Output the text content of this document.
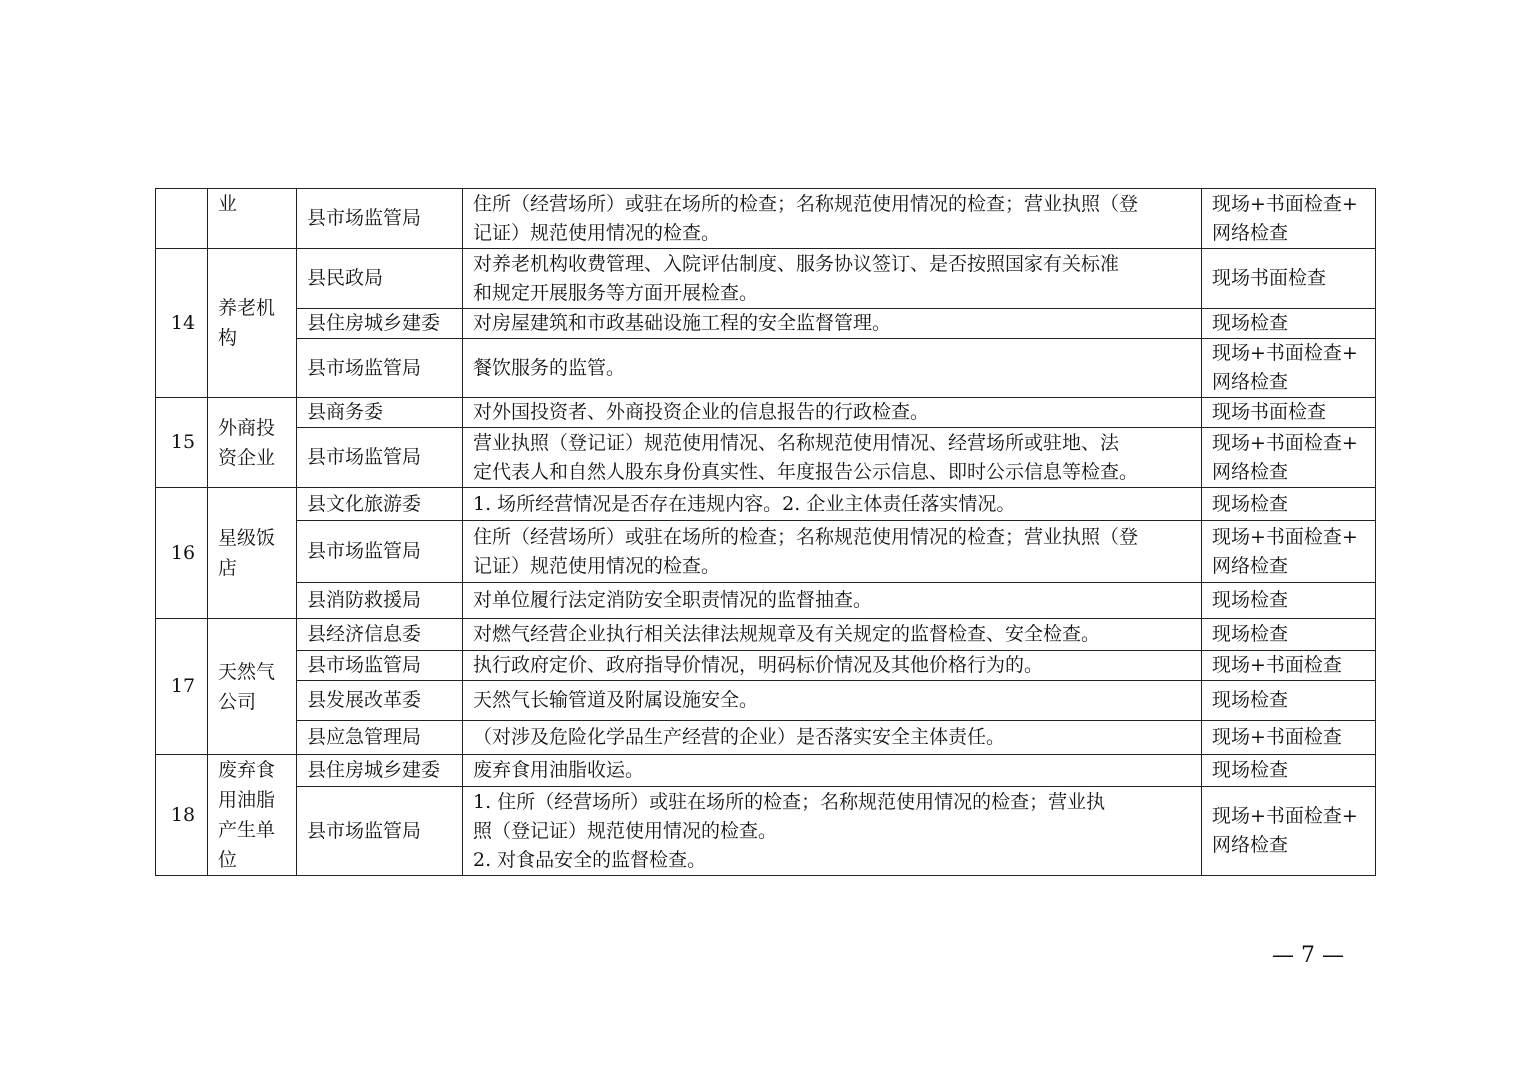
	业	县市场监管局	住所（经营场所）或驻在场所的检查；名称规范使用情况的检查；营业执照（登
记证）规范使用情况的检查。	现场+书面检查+
网络检查

14	养老机
构	县民政局	对养老机构收费管理、入院评估制度、服务协议签订、是否按照国家有关标准
和规定开展服务等方面开展检查。	现场书面检查

		县住房城乡建委	对房屋建筑和市政基础设施工程的安全监督管理。	现场检查

		县市场监管局	餐饮服务的监管。	现场+书面检查+
网络检查

15	外商投
资企业	县商务委	对外国投资者、外商投资企业的信息报告的行政检查。	现场书面检查

		县市场监管局	营业执照（登记证）规范使用情况、名称规范使用情况、经营场所或驻地、法
定代表人和自然人股东身份真实性、年度报告公示信息、即时公示信息等检查。	现场+书面检查+
网络检查

16	星级饭
店	县文化旅游委	1. 场所经营情况是否存在违规内容。2. 企业主体责任落实情况。	现场检查

		县市场监管局	住所（经营场所）或驻在场所的检查；名称规范使用情况的检查；营业执照（登
记证）规范使用情况的检查。	现场+书面检查+
网络检查

		县消防救援局	对单位履行法定消防安全职责情况的监督抽查。	现场检查

17	天然气
公司	县经济信息委	对燃气经营企业执行相关法律法规规章及有关规定的监督检查、安全检查。	现场检查

		县市场监管局	执行政府定价、政府指导价情况，明码标价情况及其他价格行为的。	现场+书面检查

		县发展改革委	天然气长输管道及附属设施安全。	现场检查

		县应急管理局	（对涉及危险化学品生产经营的企业）是否落实安全主体责任。	现场+书面检查

18	废弃食
用油脂
产生单
位	县住房城乡建委	废弃食用油脂收运。	现场检查

		县市场监管局	1. 住所（经营场所）或驻在场所的检查；名称规范使用情况的检查；营业执
照（登记证）规范使用情况的检查。
2. 对食品安全的监督检查。	现场+书面检查+
网络检查
— 7 —
